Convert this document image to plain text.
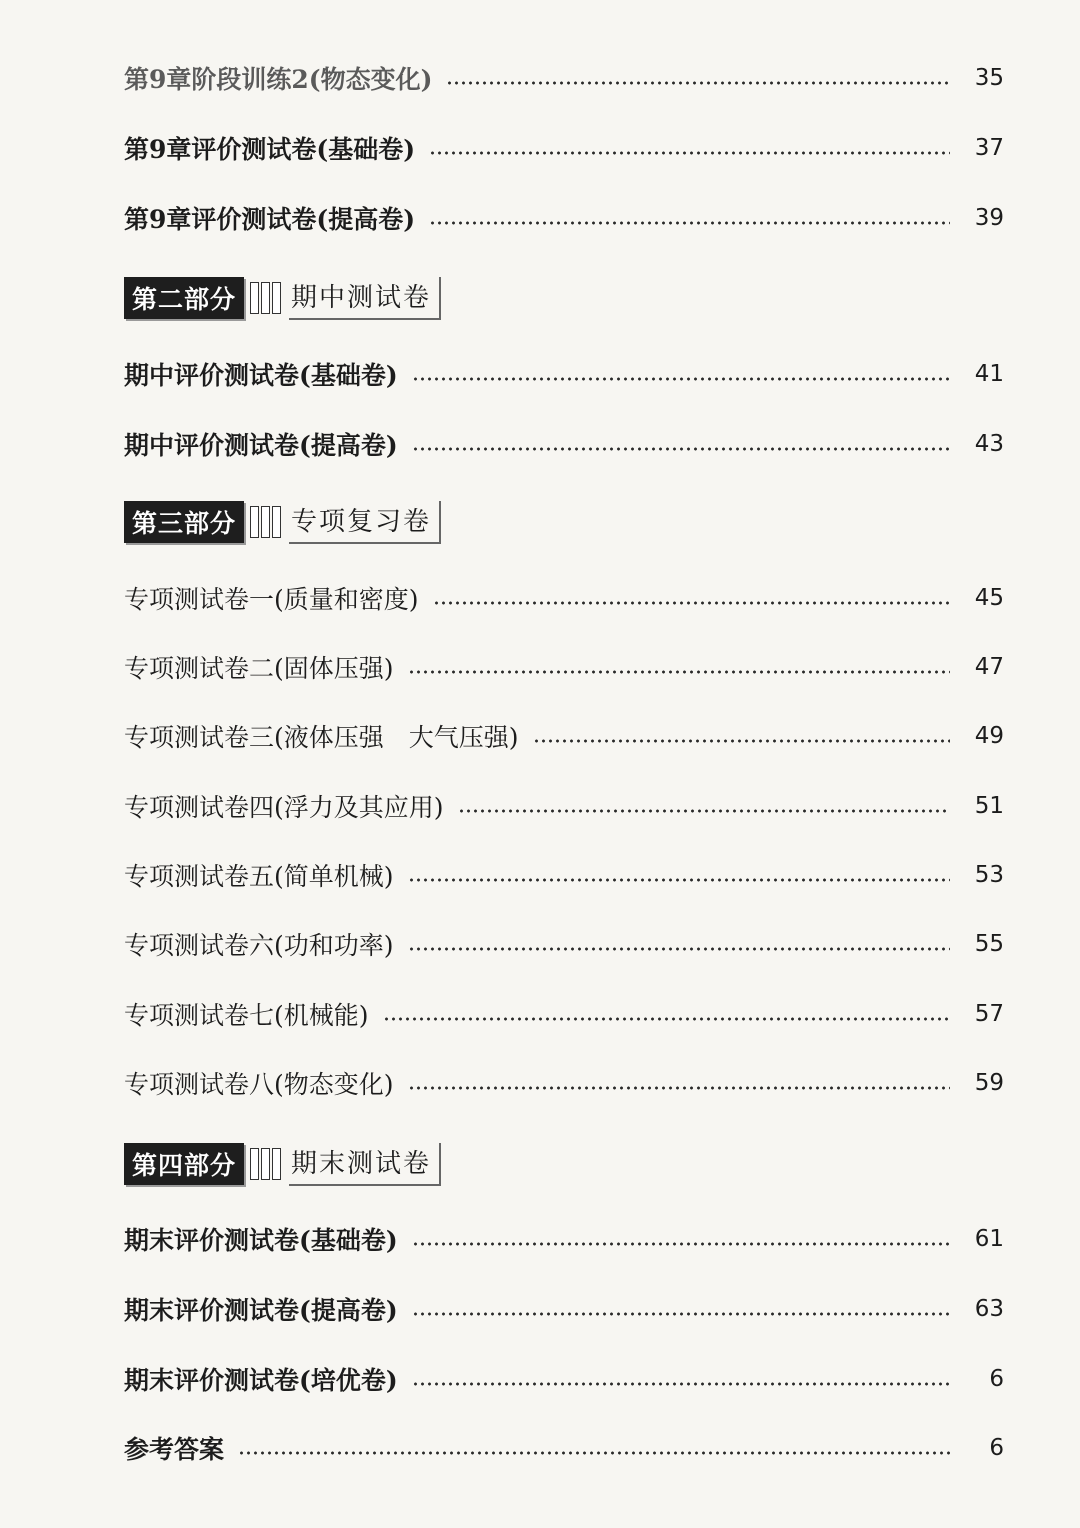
第9章阶段训练2(物态变化)	35
第9章评价测试卷(基础卷)	37
第9章评价测试卷(提高卷)	39
第二部分	期中测试卷
期中评价测试卷(基础卷)	41
期中评价测试卷(提高卷)	43
第三部分	专项复习卷
专项测试卷一(质量和密度)	45
专项测试卷二(固体压强)	47
专项测试卷三(液体压强　大气压强)	49
专项测试卷四(浮力及其应用)	51
专项测试卷五(简单机械)	53
专项测试卷六(功和功率)	55
专项测试卷七(机械能)	57
专项测试卷八(物态变化)	59
第四部分	期末测试卷
期末评价测试卷(基础卷)	61
期末评价测试卷(提高卷)	63
期末评价测试卷(培优卷)	6
参考答案	6
